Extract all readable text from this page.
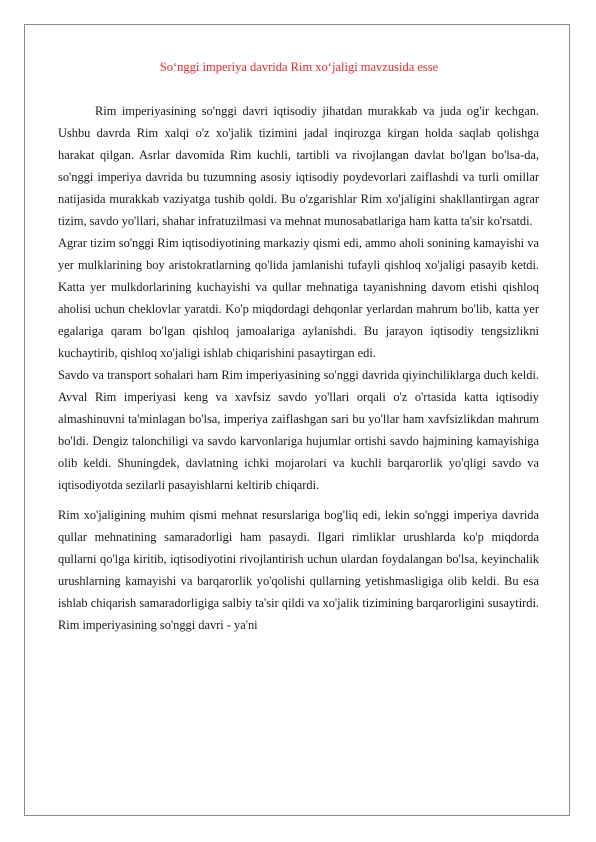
So‘nggi imperiya davrida Rim xo‘jaligi mavzusida esse

Rim imperiyasining so'nggi davri iqtisodiy jihatdan murakkab va juda og'ir kechgan. Ushbu davrda Rim xalqi o'z xo'jalik tizimini jadal inqirozga kirgan holda saqlab qolishga harakat qilgan. Asrlar davomida Rim kuchli, tartibli va rivojlangan davlat bo'lgan bo'lsa-da, so'nggi imperiya davrida bu tuzumning asosiy iqtisodiy poydevorlari zaiflashdi va turli omillar natijasida murakkab vaziyatga tushib qoldi. Bu o'zgarishlar Rim xo'jaligini shakllantirgan agrar tizim, savdo yo'llari, shahar infratuzilmasi va mehnat munosabatlariga ham katta ta'sir ko'rsatdi.

Agrar tizim so'nggi Rim iqtisodiyotining markaziy qismi edi, ammo aholi sonining kamayishi va yer mulklarining boy aristokratlarning qo'lida jamlanishi tufayli qishloq xo'jaligi pasayib ketdi. Katta yer mulkdorlarining kuchayishi va qullar mehnatiga tayanishning davom etishi qishloq aholisi uchun cheklovlar yaratdi. Ko'p miqdordagi dehqonlar yerlardan mahrum bo'lib, katta yer egalariga qaram bo'lgan qishloq jamoalariga aylanishdi. Bu jarayon iqtisodiy tengsizlikni kuchaytirib, qishloq xo'jaligi ishlab chiqarishini pasaytirgan edi.

Savdo va transport sohalari ham Rim imperiyasining so'nggi davrida qiyinchiliklarga duch keldi. Avval Rim imperiyasi keng va xavfsiz savdo yo'llari orqali o'z o'rtasida katta iqtisodiy almashinuvni ta'minlagan bo'lsa, imperiya zaiflashgan sari bu yo'llar ham xavfsizlikdan mahrum bo'ldi. Dengiz talonchiligi va savdo karvonlariga hujumlar ortishi savdo hajmining kamayishiga olib keldi. Shuningdek, davlatning ichki mojarolari va kuchli barqarorlik yo'qligi savdo va iqtisodiyotda sezilarli pasayishlarni keltirib chiqardi.

Rim xo'jaligining muhim qismi mehnat resurslariga bog'liq edi, lekin so'nggi imperiya davrida qullar mehnatining samaradorligi ham pasaydi. Ilgari rimliklar urushlarda ko'p miqdorda qullarni qo'lga kiritib, iqtisodiyotini rivojlantirish uchun ulardan foydalangan bo'lsa, keyinchalik urushlarning kamayishi va barqarorlik yo'qolishi qullarning yetishmasligiga olib keldi. Bu esa ishlab chiqarish samaradorligiga salbiy ta'sir qildi va xo'jalik tizimining barqarorligini susaytirdi. Rim imperiyasining so'nggi davri - ya'ni
